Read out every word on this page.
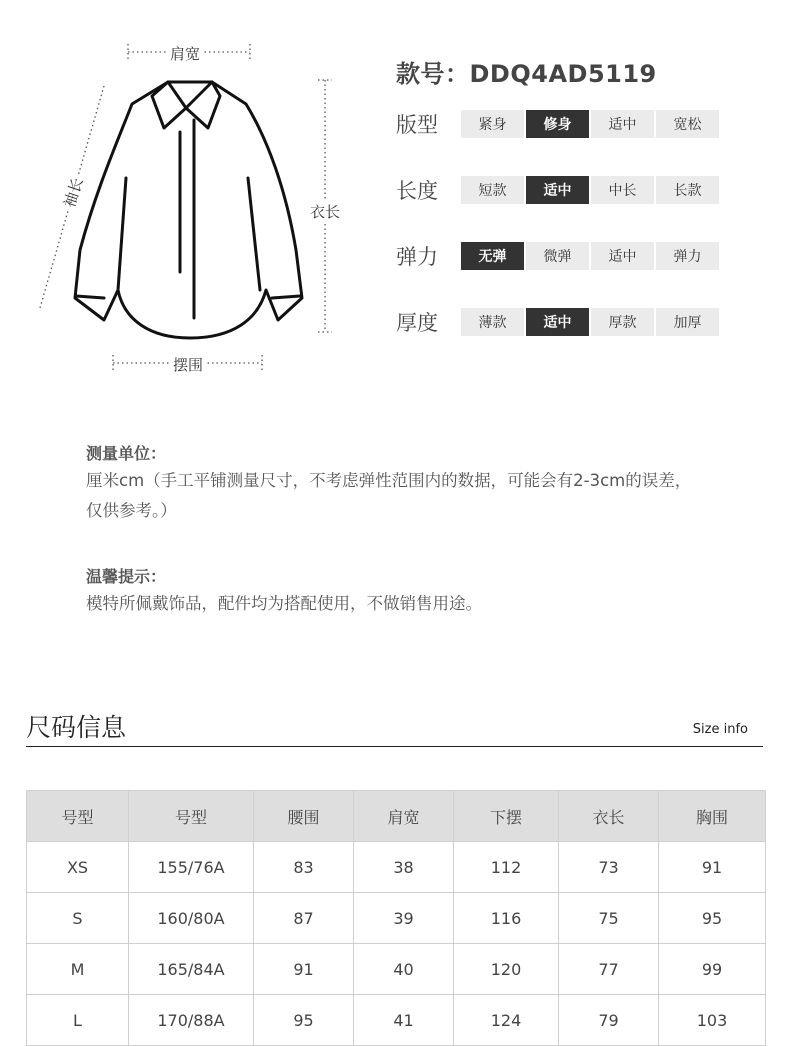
肩宽
袖长
衣长
摆围
款号：DDQ4AD5119
版型	紧身	修身	适中	宽松
长度	短款	适中	中长	长款
弹力	无弹	微弹	适中	弹力
厚度	薄款	适中	厚款	加厚
测量单位：
厘米cm（手工平铺测量尺寸，不考虑弹性范围内的数据，可能会有2-3cm的误差，仅供参考。）
温馨提示：
模特所佩戴饰品，配件均为搭配使用，不做销售用途。
尺码信息	Size info
号型	号型	腰围	肩宽	下摆	衣长	胸围
XS	155/76A	83	38	112	73	91
S	160/80A	87	39	116	75	95
M	165/84A	91	40	120	77	99
L	170/88A	95	41	124	79	103
